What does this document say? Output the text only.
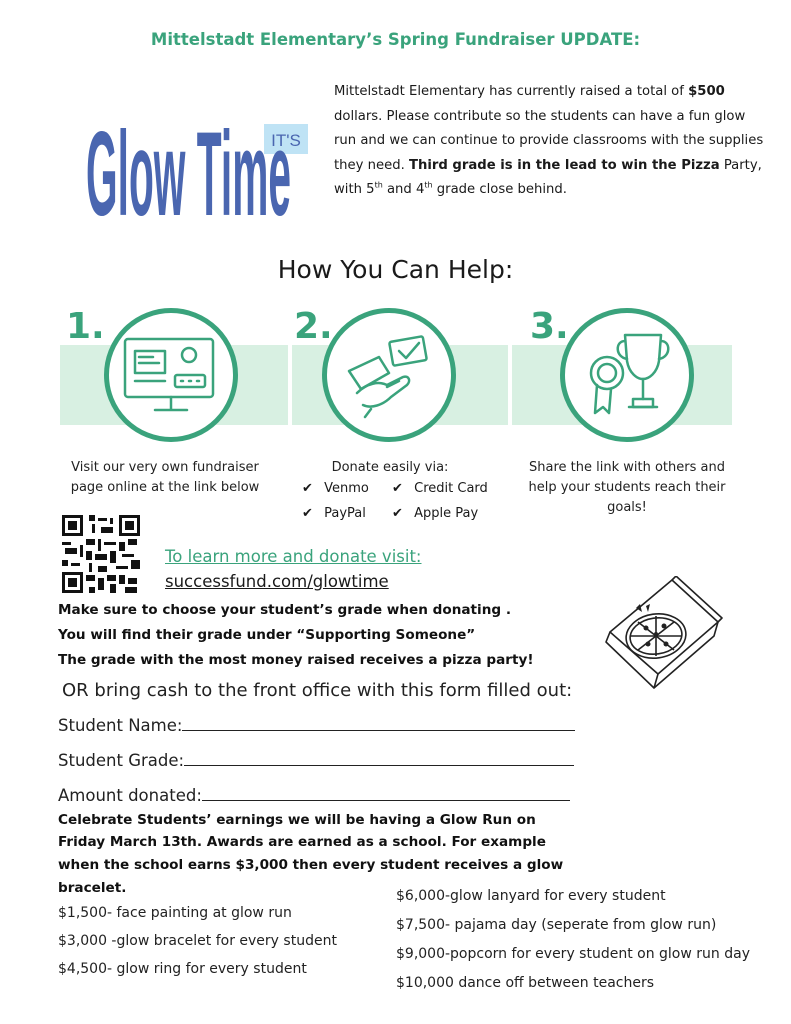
Mittelstadt Elementary’s Spring Fundraiser UPDATE:
IT'S
Glow Time
Mittelstadt Elementary has currently raised a total of $500 dollars. Please contribute so the students can have a fun glow run and we can continue to provide classrooms with the supplies they need. Third grade is in the lead to win the Pizza Party, with 5th and 4th grade close behind.
How You Can Help:
1.
Visit our very own fundraiser
page online at the link below
2.
Donate easily via:
✔ Venmo ✔ Credit Card
✔ PayPal ✔ Apple Pay
3.
Share the link with others and
help your students reach their
goals!
To learn more and donate visit:
successfund.com/glowtime
Make sure to choose your student’s grade when donating .
You will find their grade under “Supporting Someone”
The grade with the most money raised receives a pizza party!
OR bring cash to the front office with this form filled out:
Student Name:
Student Grade:
Amount donated:
Celebrate Students’ earnings we will be having a Glow Run on
Friday March 13th. Awards are earned as a school. For example
when the school earns $3,000 then every student receives a glow
bracelet.
$1,500- face painting at glow run
$3,000 -glow bracelet for every student
$4,500- glow ring for every student
$6,000-glow lanyard for every student
$7,500- pajama day (seperate from glow run)
$9,000-popcorn for every student on glow run day
$10,000 dance off between teachers
